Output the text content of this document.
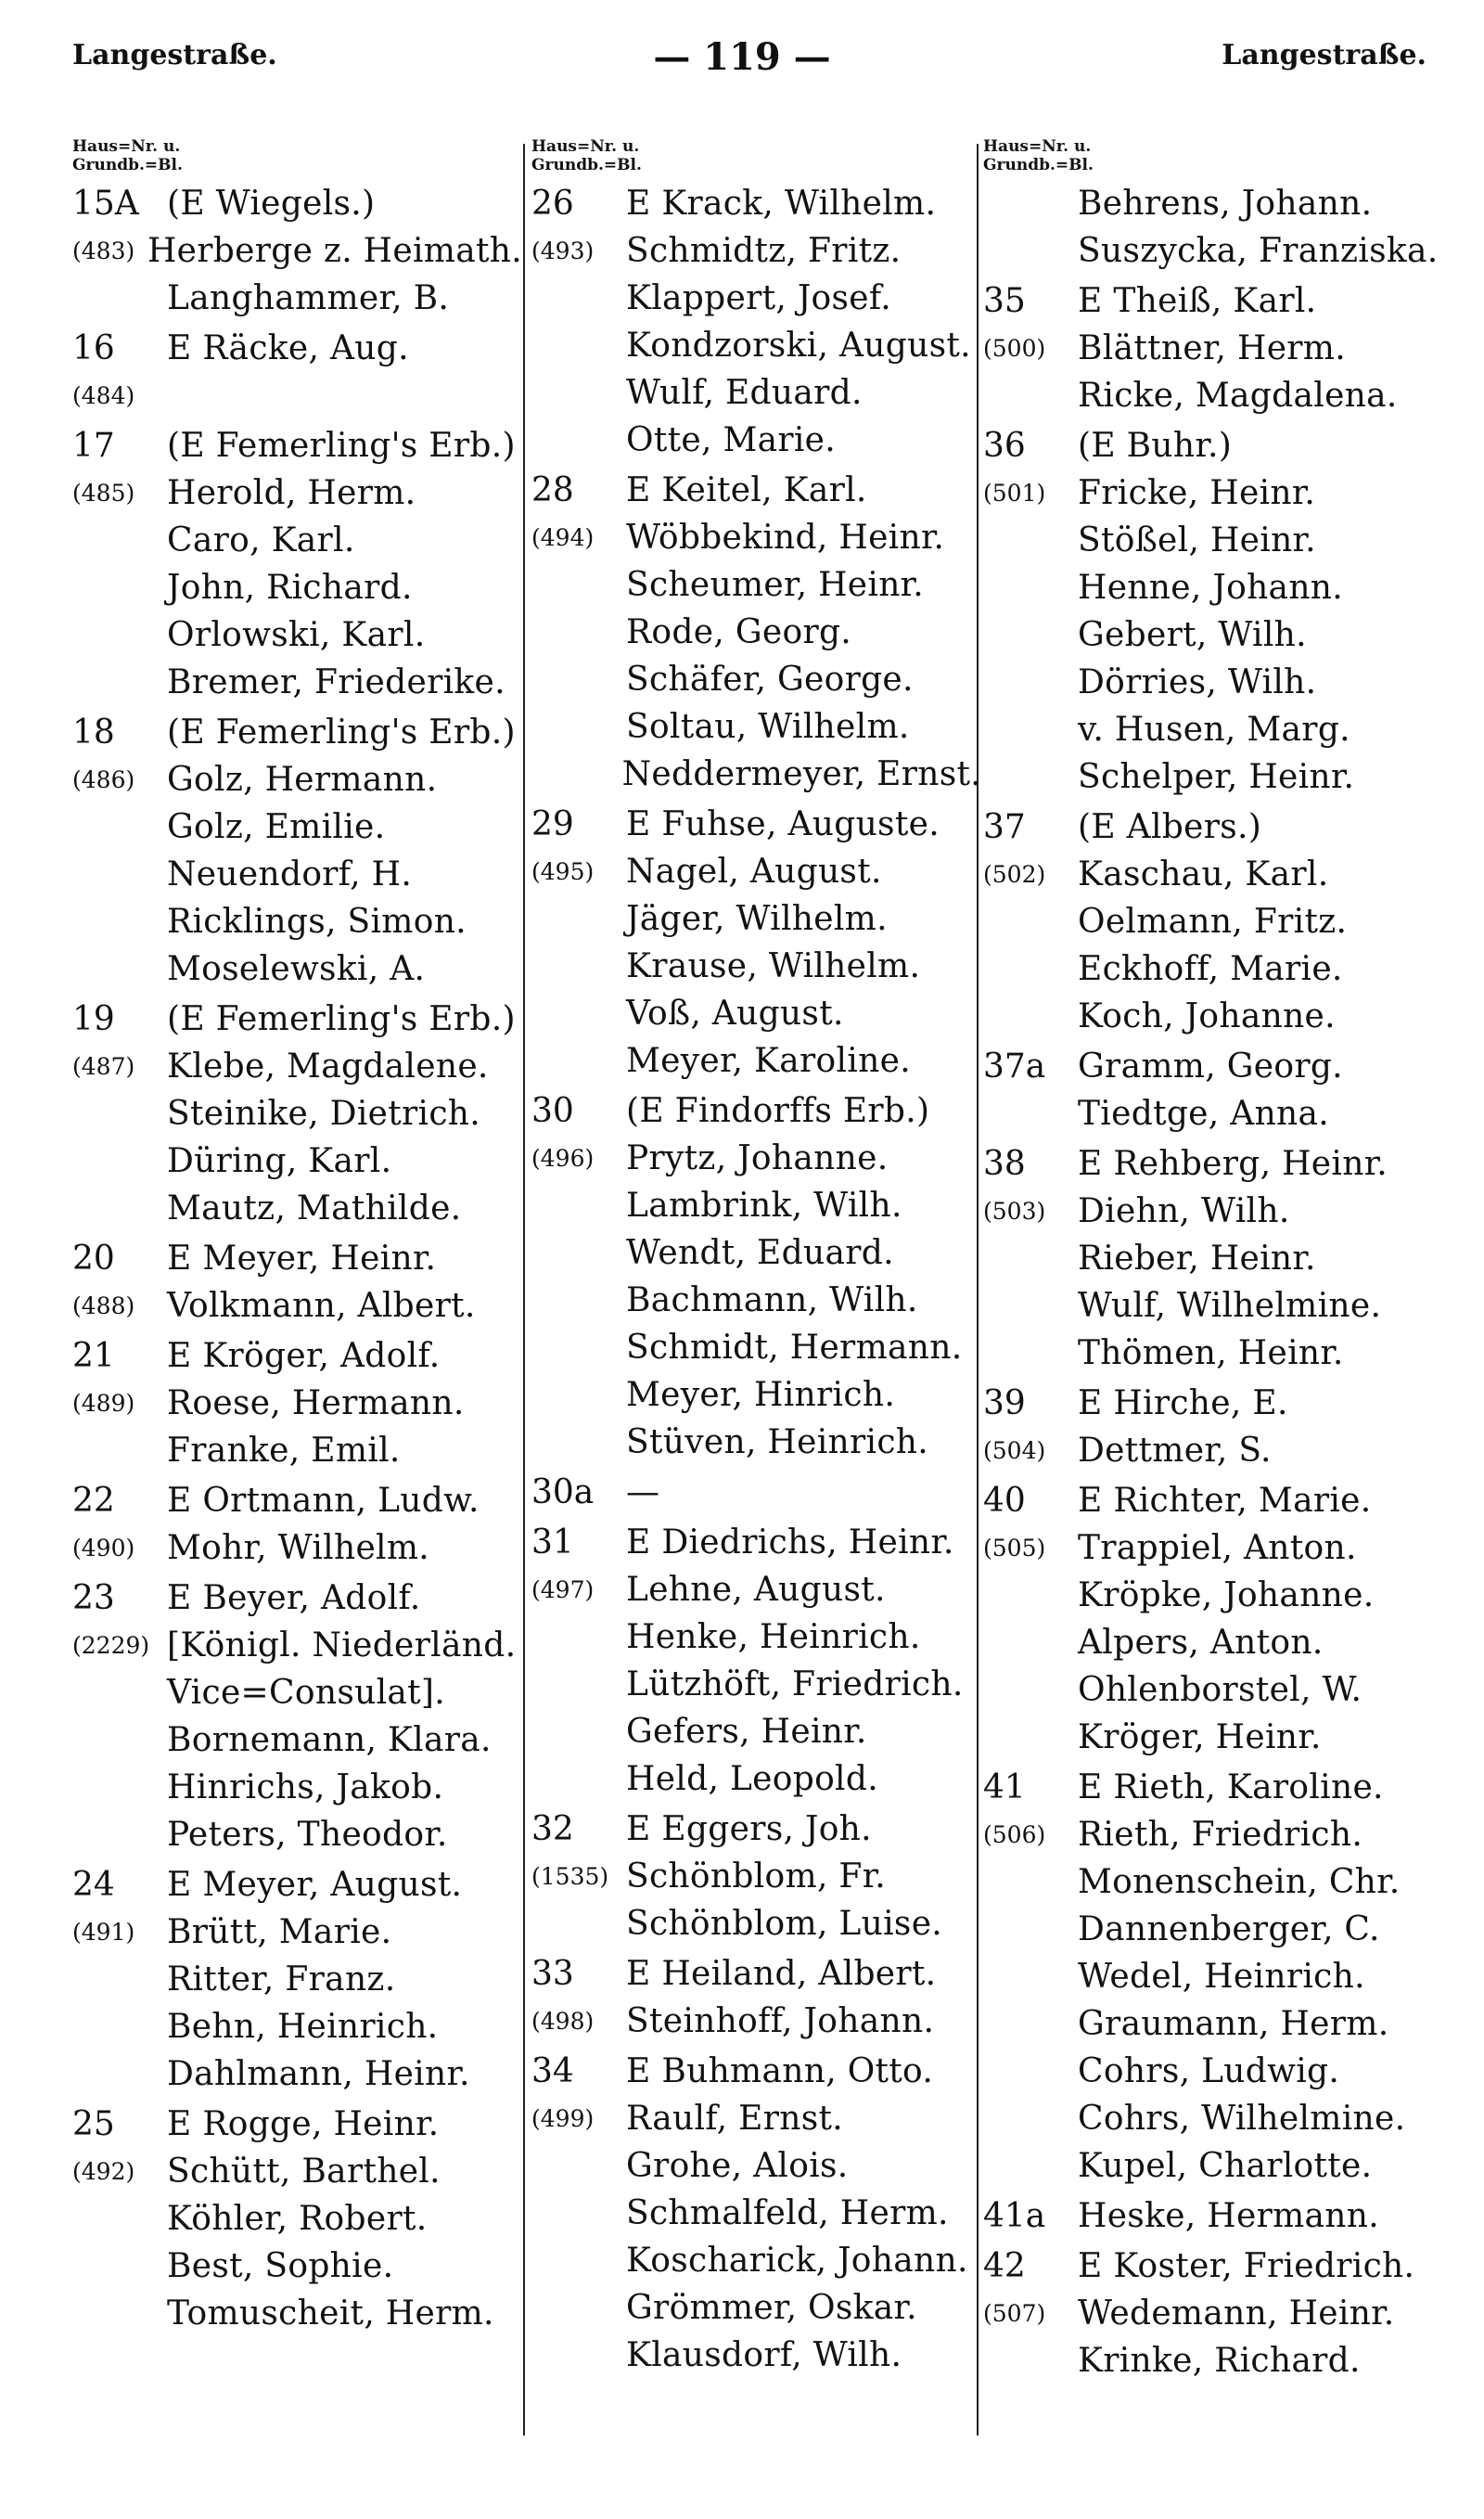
Langestraße.	— 119 —	Langestraße.
Haus=Nr. u.
Grundb.=Bl.
15A (E Wiegels.)
(483) Herberge z. Heimath.
Langhammer, B.
16	E Räcke, Aug.
(484)
17	(E Femerling's Erb.)
(485) Herold, Herm.
Caro, Karl.
John, Richard.
Orlowski, Karl.
Bremer, Friederike.
18	(E Femerling's Erb.)
(486) Golz, Hermann.
Golz, Emilie.
Neuendorf, H.
Ricklings, Simon.
Moselewski, A.
19	(E Femerling's Erb.)
(487) Klebe, Magdalene.
Steinike, Dietrich.
Düring, Karl.
Mautz, Mathilde.
20	E Meyer, Heinr.
(488) Volkmann, Albert.
21	E Kröger, Adolf.
(489) Roese, Hermann.
Franke, Emil.
22	E Ortmann, Ludw.
(490) Mohr, Wilhelm.
23	E Beyer, Adolf.
(2229) [Königl. Niederländ.
Vice=Consulat].
Bornemann, Klara.
Hinrichs, Jakob.
Peters, Theodor.
24	E Meyer, August.
(491) Brütt, Marie.
Ritter, Franz.
Behn, Heinrich.
Dahlmann, Heinr.
25	E Rogge, Heinr.
(492) Schütt, Barthel.
Köhler, Robert.
Best, Sophie.
Tomuscheit, Herm.
Haus=Nr. u.
Grundb.=Bl.
26	E Krack, Wilhelm.
(493) Schmidtz, Fritz.
Klappert, Josef.
Kondzorski, August.
Wulf, Eduard.
Otte, Marie.
28	E Keitel, Karl.
(494) Wöbbekind, Heinr.
Scheumer, Heinr.
Rode, Georg.
Schäfer, George.
Soltau, Wilhelm.
Neddermeyer, Ernst.
29	E Fuhse, Auguste.
(495) Nagel, August.
Jäger, Wilhelm.
Krause, Wilhelm.
Voß, August.
Meyer, Karoline.
30	(E Findorffs Erb.)
(496) Prytz, Johanne.
Lambrink, Wilh.
Wendt, Eduard.
Bachmann, Wilh.
Schmidt, Hermann.
Meyer, Hinrich.
Stüven, Heinrich.
30a —
31	E Diedrichs, Heinr.
(497) Lehne, August.
Henke, Heinrich.
Lützhöft, Friedrich.
Gefers, Heinr.
Held, Leopold.
32	E Eggers, Joh.
(1535) Schönblom, Fr.
Schönblom, Luise.
33	E Heiland, Albert.
(498) Steinhoff, Johann.
34	E Buhmann, Otto.
(499) Raulf, Ernst.
Grohe, Alois.
Schmalfeld, Herm.
Koscharick, Johann.
Grömmer, Oskar.
Klausdorf, Wilh.
Haus=Nr. u.
Grundb.=Bl.
Behrens, Johann.
Suszycka, Franziska.
35	E Theiß, Karl.
(500) Blättner, Herm.
Ricke, Magdalena.
36	(E Buhr.)
(501) Fricke, Heinr.
Stößel, Heinr.
Henne, Johann.
Gebert, Wilh.
Dörries, Wilh.
v. Husen, Marg.
Schelper, Heinr.
37	(E Albers.)
(502) Kaschau, Karl.
Oelmann, Fritz.
Eckhoff, Marie.
Koch, Johanne.
37a Gramm, Georg.
Tiedtge, Anna.
38	E Rehberg, Heinr.
(503) Diehn, Wilh.
Rieber, Heinr.
Wulf, Wilhelmine.
Thömen, Heinr.
39	E Hirche, E.
(504) Dettmer, S.
40	E Richter, Marie.
(505) Trappiel, Anton.
Kröpke, Johanne.
Alpers, Anton.
Ohlenborstel, W.
Kröger, Heinr.
41	E Rieth, Karoline.
(506) Rieth, Friedrich.
Monenschein, Chr.
Dannenberger, C.
Wedel, Heinrich.
Graumann, Herm.
Cohrs, Ludwig.
Cohrs, Wilhelmine.
Kupel, Charlotte.
41a Heske, Hermann.
42	E Koster, Friedrich.
(507) Wedemann, Heinr.
Krinke, Richard.
